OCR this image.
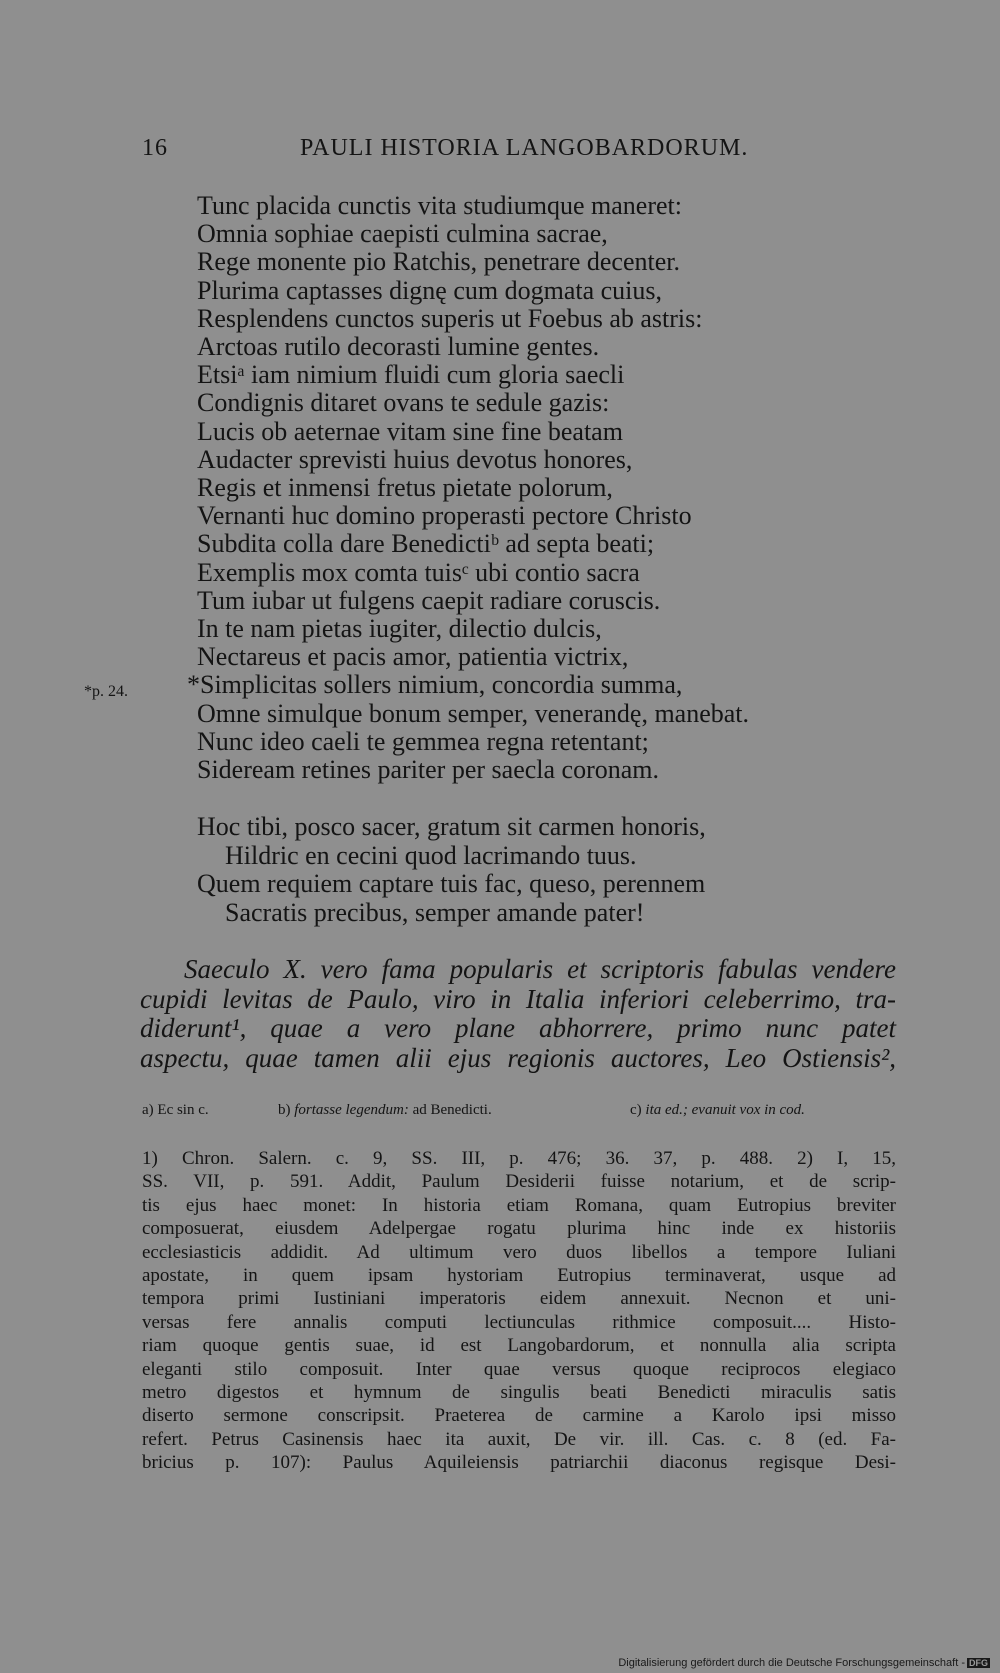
16	PAULI HISTORIA LANGOBARDORUM.
Tunc placida cunctis vita studiumque maneret:
Omnia sophiae caepisti culmina sacrae,
Rege monente pio Ratchis, penetrare decenter.
Plurima captasses dignę cum dogmata cuius,
Resplendens cunctos superis ut Foebus ab astris:
Arctoas rutilo decorasti lumine gentes.
Etsiᵃ iam nimium fluidi cum gloria saecli
Condignis ditaret ovans te sedule gazis:
Lucis ob aeternae vitam sine fine beatam
Audacter sprevisti huius devotus honores,
Regis et inmensi fretus pietate polorum,
Vernanti huc domino properasti pectore Christo
Subdita colla dare Benedictiᵇ ad septa beati;
Exemplis mox comta tuisᶜ ubi contio sacra
Tum iubar ut fulgens caepit radiare coruscis.
In te nam pietas iugiter, dilectio dulcis,
Nectareus et pacis amor, patientia victrix,
*Simplicitas sollers nimium, concordia summa,
Omne simulque bonum semper, venerandę, manebat.
Nunc ideo caeli te gemmea regna retentant;
Sideream retines pariter per saecla coronam.
*p. 24.
Hoc tibi, posco sacer, gratum sit carmen honoris,
Hildric en cecini quod lacrimando tuus.
Quem requiem captare tuis fac, queso, perennem
Sacratis precibus, semper amande pater!
Saeculo X. vero fama popularis et scriptoris fabulas vendere
cupidi levitas de Paulo, viro in Italia inferiori celeberrimo, tra-
diderunt¹, quae a vero plane abhorrere, primo nunc patet
aspectu, quae tamen alii ejus regionis auctores, Leo Ostiensis²,
a) Ec sin c.	b) fortasse legendum: ad Benedicti.	c) ita ed.; evanuit vox in cod.
1) Chron. Salern. c. 9, SS. III, p. 476; 36. 37, p. 488. 2) I, 15,
SS. VII, p. 591. Addit, Paulum Desiderii fuisse notarium, et de scrip-
tis ejus haec monet: In historia etiam Romana, quam Eutropius breviter
composuerat, eiusdem Adelpergae rogatu plurima hinc inde ex historiis
ecclesiasticis addidit. Ad ultimum vero duos libellos a tempore Iuliani
apostate, in quem ipsam hystoriam Eutropius terminaverat, usque ad
tempora primi Iustiniani imperatoris eidem annexuit. Necnon et uni-
versas fere annalis computi lectiunculas rithmice composuit.... Histo-
riam quoque gentis suae, id est Langobardorum, et nonnulla alia scripta
eleganti stilo composuit. Inter quae versus quoque reciprocos elegiaco
metro digestos et hymnum de singulis beati Benedicti miraculis satis
diserto sermone conscripsit. Praeterea de carmine a Karolo ipsi misso
refert. Petrus Casinensis haec ita auxit, De vir. ill. Cas. c. 8 (ed. Fa-
bricius p. 107): Paulus Aquileiensis patriarchii diaconus regisque Desi-
Digitalisierung gefördert durch die Deutsche Forschungsgemeinschaft - DFG
